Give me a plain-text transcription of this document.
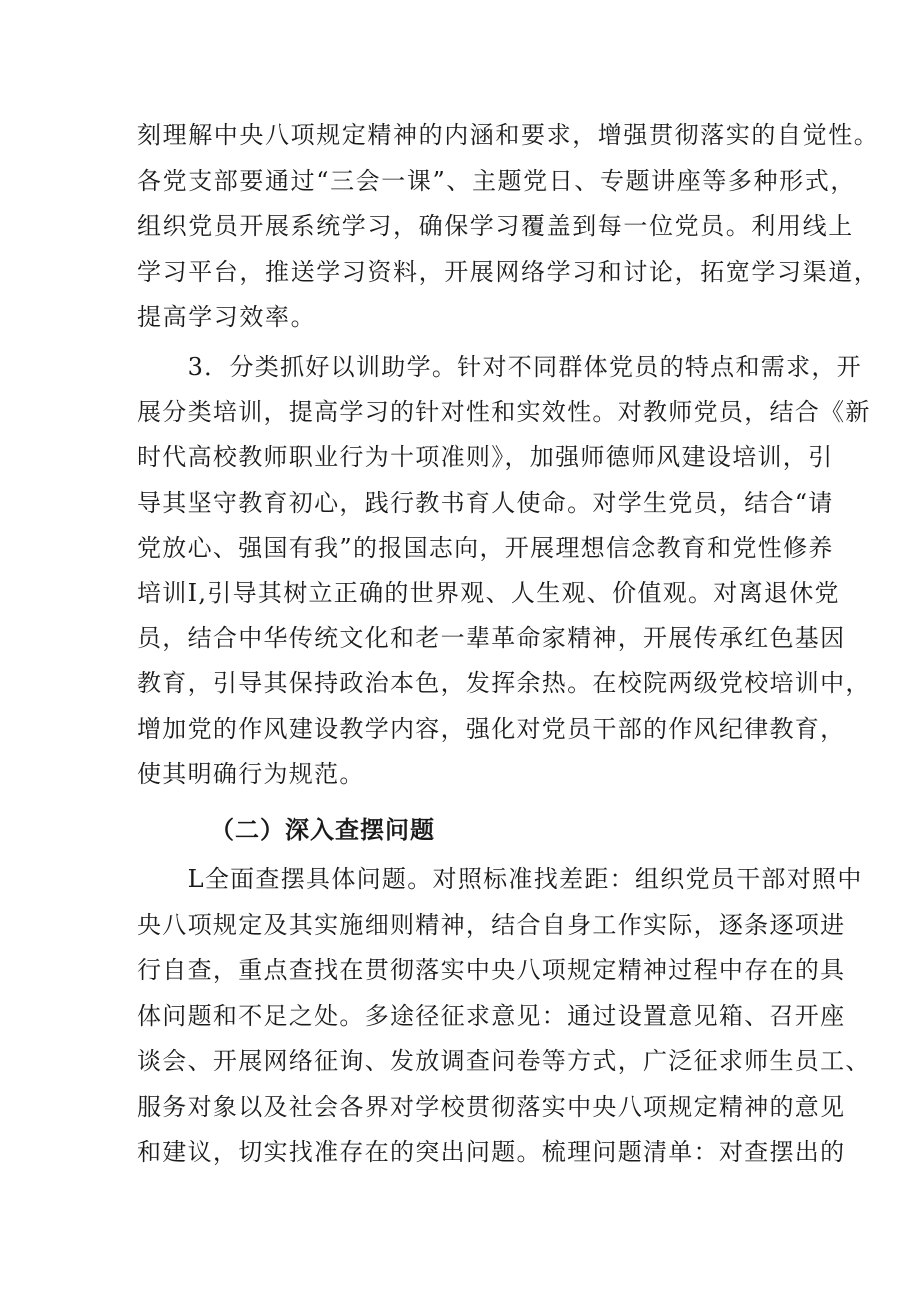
刻理解中央八项规定精神的内涵和要求，增强贯彻落实的自觉性。
各党支部要通过“三会一课”、主题党日、专题讲座等多种形式，
组织党员开展系统学习，确保学习覆盖到每一位党员。利用线上
学习平台，推送学习资料，开展网络学习和讨论，拓宽学习渠道，
提高学习效率。
　　3．分类抓好以训助学。针对不同群体党员的特点和需求，开
展分类培训，提高学习的针对性和实效性。对教师党员，结合《新
时代高校教师职业行为十项准则》，加强师德师风建设培训，引
导其坚守教育初心，践行教书育人使命。对学生党员，结合“请
党放心、强国有我”的报国志向，开展理想信念教育和党性修养
培训I,引导其树立正确的世界观、人生观、价值观。对离退休党
员，结合中华传统文化和老一辈革命家精神，开展传承红色基因
教育，引导其保持政治本色，发挥余热。在校院两级党校培训中，
增加党的作风建设教学内容，强化对党员干部的作风纪律教育，
使其明确行为规范。
（二）深入查摆问题
　　L全面查摆具体问题。对照标准找差距：组织党员干部对照中
央八项规定及其实施细则精神，结合自身工作实际，逐条逐项进
行自查，重点查找在贯彻落实中央八项规定精神过程中存在的具
体问题和不足之处。多途径征求意见：通过设置意见箱、召开座
谈会、开展网络征询、发放调查问卷等方式，广泛征求师生员工、
服务对象以及社会各界对学校贯彻落实中央八项规定精神的意见
和建议，切实找准存在的突出问题。梳理问题清单：对查摆出的
